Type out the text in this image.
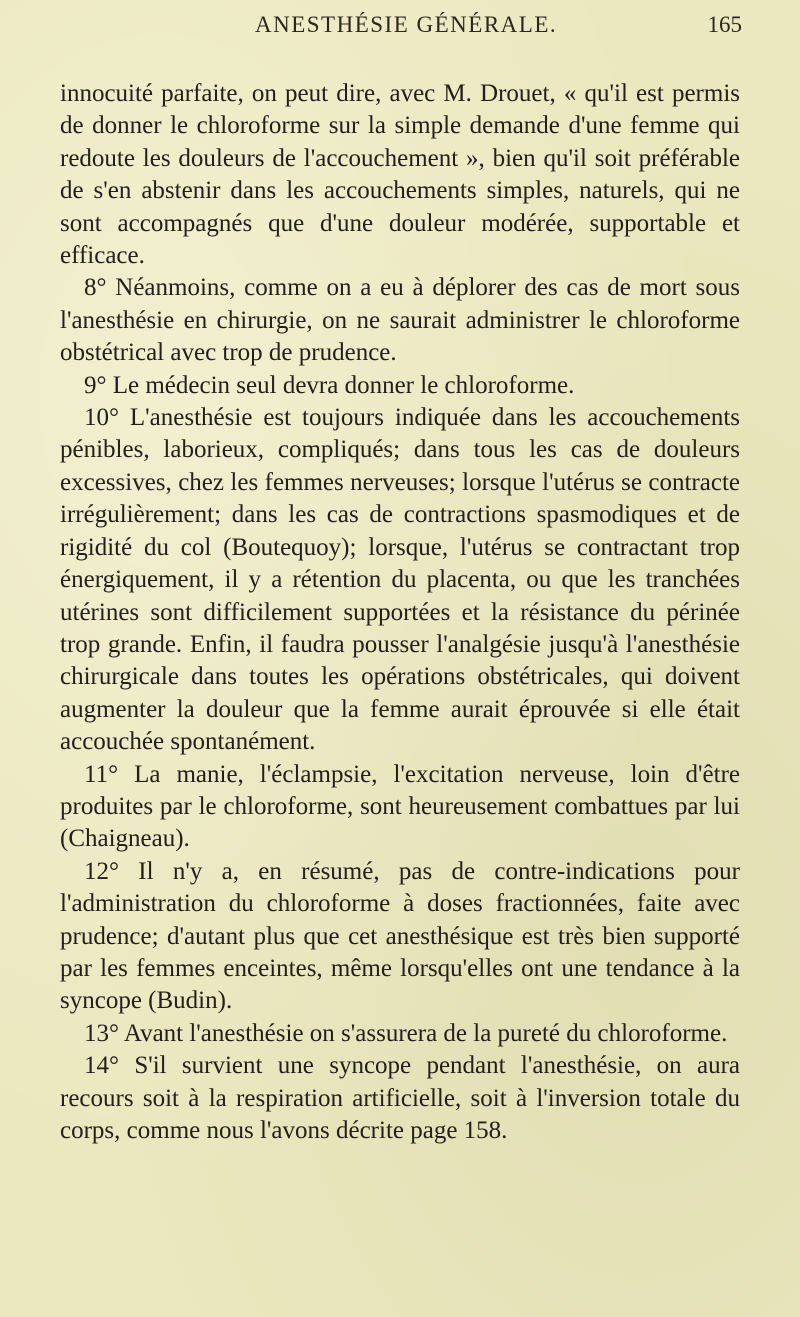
ANESTHÉSIE GÉNÉRALE.	165

innocuité parfaite, on peut dire, avec M. Drouet, « qu'il est permis de donner le chloroforme sur la simple demande d'une femme qui redoute les douleurs de l'accouchement », bien qu'il soit préférable de s'en abstenir dans les accouchements simples, naturels, qui ne sont accompagnés que d'une douleur modérée, supportable et efficace.

8° Néanmoins, comme on a eu à déplorer des cas de mort sous l'anesthésie en chirurgie, on ne saurait administrer le chloroforme obstétrical avec trop de prudence.

9° Le médecin seul devra donner le chloroforme.

10° L'anesthésie est toujours indiquée dans les accouchements pénibles, laborieux, compliqués; dans tous les cas de douleurs excessives, chez les femmes nerveuses; lorsque l'utérus se contracte irrégulièrement; dans les cas de contractions spasmodiques et de rigidité du col (Boutequoy); lorsque, l'utérus se contractant trop énergiquement, il y a rétention du placenta, ou que les tranchées utérines sont difficilement supportées et la résistance du périnée trop grande. Enfin, il faudra pousser l'analgésie jusqu'à l'anesthésie chirurgicale dans toutes les opérations obstétricales, qui doivent augmenter la douleur que la femme aurait éprouvée si elle était accouchée spontanément.

11° La manie, l'éclampsie, l'excitation nerveuse, loin d'être produites par le chloroforme, sont heureusement combattues par lui (Chaigneau).

12° Il n'y a, en résumé, pas de contre-indications pour l'administration du chloroforme à doses fractionnées, faite avec prudence; d'autant plus que cet anesthésique est très bien supporté par les femmes enceintes, même lorsqu'elles ont une tendance à la syncope (Budin).

13° Avant l'anesthésie on s'assurera de la pureté du chloroforme.

14° S'il survient une syncope pendant l'anesthésie, on aura recours soit à la respiration artificielle, soit à l'inversion totale du corps, comme nous l'avons décrite page 158.
